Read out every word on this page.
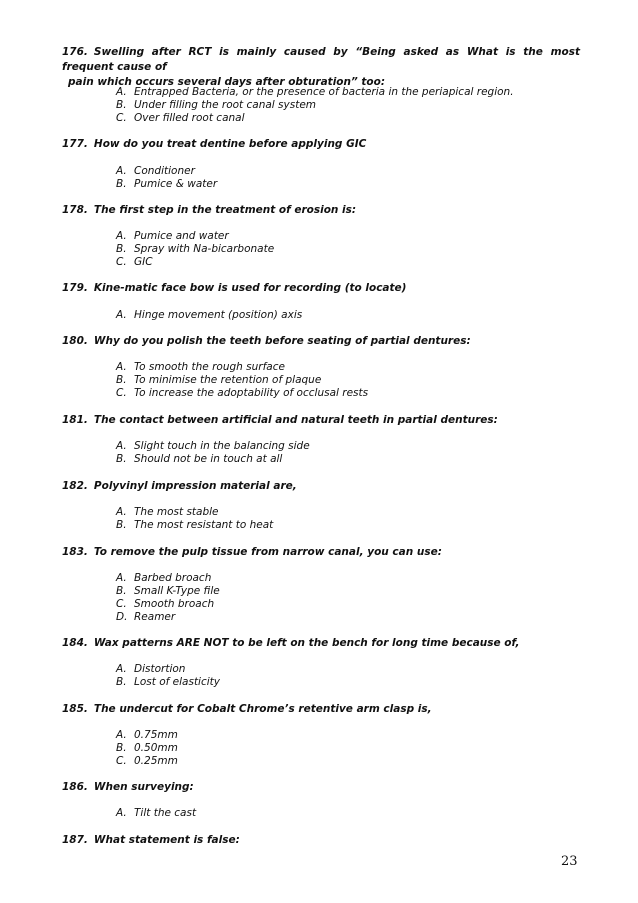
176. Swelling after RCT is mainly caused by “Being asked as What is the most frequent cause of
pain which occurs several days after obturation” too:
A. Entrapped Bacteria, or the presence of bacteria in the periapical region.
B. Under filling the root canal system
C. Over filled root canal
177. How do you treat dentine before applying GIC
A. Conditioner
B. Pumice & water
178. The first step in the treatment of erosion is:
A. Pumice and water
B. Spray with Na-bicarbonate
C. GIC
179. Kine-matic face bow is used for recording (to locate)
A. Hinge movement (position) axis
180. Why do you polish the teeth before seating of partial dentures:
A. To smooth the rough surface
B. To minimise the retention of plaque
C. To increase the adoptability of occlusal rests
181. The contact between artificial and natural teeth in partial dentures:
A. Slight touch in the balancing side
B. Should not be in touch at all
182. Polyvinyl impression material are,
A. The most stable
B. The most resistant to heat
183. To remove the pulp tissue from narrow canal, you can use:
A. Barbed broach
B. Small K-Type file
C. Smooth broach
D. Reamer
184. Wax patterns ARE NOT to be left on the bench for long time because of,
A. Distortion
B. Lost of elasticity
185. The undercut for Cobalt Chrome’s retentive arm clasp is,
A. 0.75mm
B. 0.50mm
C. 0.25mm
186. When surveying:
A. Tilt the cast
187. What statement is false:
23
